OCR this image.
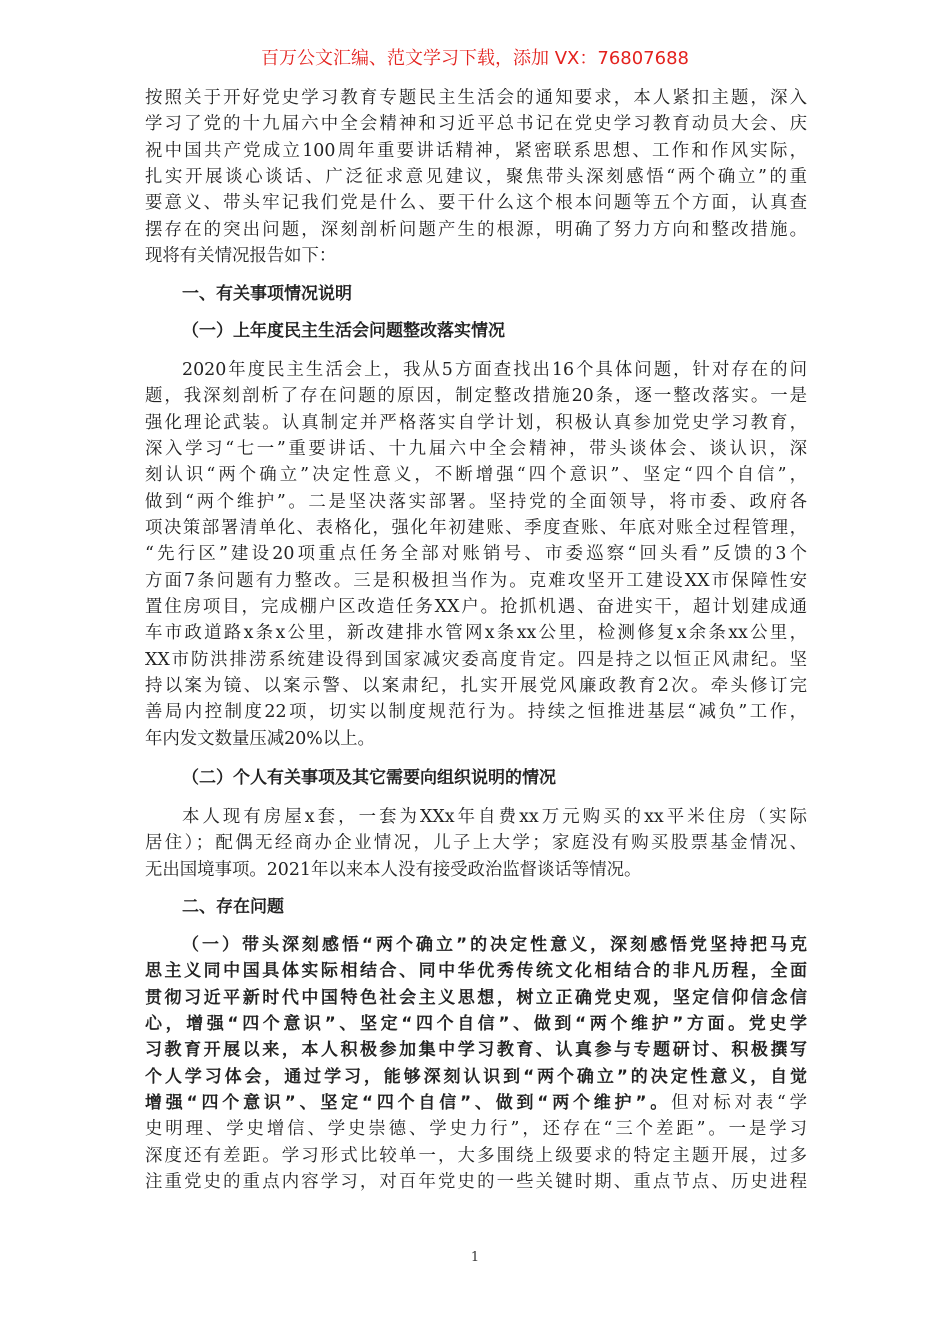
百万公文汇编、范文学习下载，添加 VX：76807688
按照关于开好党史学习教育专题民主生活会的通知要求，本人紧扣主题，深入
学习了党的十九届六中全会精神和习近平总书记在党史学习教育动员大会、庆
祝中国共产党成立100周年重要讲话精神，紧密联系思想、工作和作风实际，
扎实开展谈心谈话、广泛征求意见建议，聚焦带头深刻感悟“两个确立”的重
要意义、带头牢记我们党是什么、要干什么这个根本问题等五个方面，认真查
摆存在的突出问题，深刻剖析问题产生的根源，明确了努力方向和整改措施。
现将有关情况报告如下：
一、有关事项情况说明
（一）上年度民主生活会问题整改落实情况
2020年度民主生活会上，我从5方面查找出16个具体问题，针对存在的问
题，我深刻剖析了存在问题的原因，制定整改措施20条，逐一整改落实。一是
强化理论武装。认真制定并严格落实自学计划，积极认真参加党史学习教育，
深入学习“七一”重要讲话、十九届六中全会精神，带头谈体会、谈认识，深
刻认识“两个确立”决定性意义，不断增强“四个意识”、坚定“四个自信”，
做到“两个维护”。二是坚决落实部署。坚持党的全面领导，将市委、政府各
项决策部署清单化、表格化，强化年初建账、季度查账、年底对账全过程管理，
“先行区”建设20项重点任务全部对账销号、市委巡察“回头看”反馈的3个
方面7条问题有力整改。三是积极担当作为。克难攻坚开工建设XX市保障性安
置住房项目，完成棚户区改造任务XX户。抢抓机遇、奋进实干，超计划建成通
车市政道路x条x公里，新改建排水管网x条xx公里，检测修复x余条xx公里，
XX市防洪排涝系统建设得到国家减灾委高度肯定。四是持之以恒正风肃纪。坚
持以案为镜、以案示警、以案肃纪，扎实开展党风廉政教育2次。牵头修订完
善局内控制度22项，切实以制度规范行为。持续之恒推进基层“减负”工作，
年内发文数量压减20%以上。
（二）个人有关事项及其它需要向组织说明的情况
本人现有房屋x套，一套为XXx年自费xx万元购买的xx平米住房（实际
居住）；配偶无经商办企业情况，儿子上大学；家庭没有购买股票基金情况、
无出国境事项。2021年以来本人没有接受政治监督谈话等情况。
二、存在问题
（一）带头深刻感悟“两个确立”的决定性意义，深刻感悟党坚持把马克
思主义同中国具体实际相结合、同中华优秀传统文化相结合的非凡历程，全面
贯彻习近平新时代中国特色社会主义思想，树立正确党史观，坚定信仰信念信
心，增强“四个意识”、坚定“四个自信”、做到“两个维护”方面。党史学
习教育开展以来，本人积极参加集中学习教育、认真参与专题研讨、积极撰写
个人学习体会，通过学习，能够深刻认识到“两个确立”的决定性意义，自觉
增强“四个意识”、坚定“四个自信”、做到“两个维护”。但对标对表“学
史明理、学史增信、学史崇德、学史力行”，还存在“三个差距”。一是学习
深度还有差距。学习形式比较单一，大多围绕上级要求的特定主题开展，过多
注重党史的重点内容学习，对百年党史的一些关键时期、重点节点、历史进程
1
